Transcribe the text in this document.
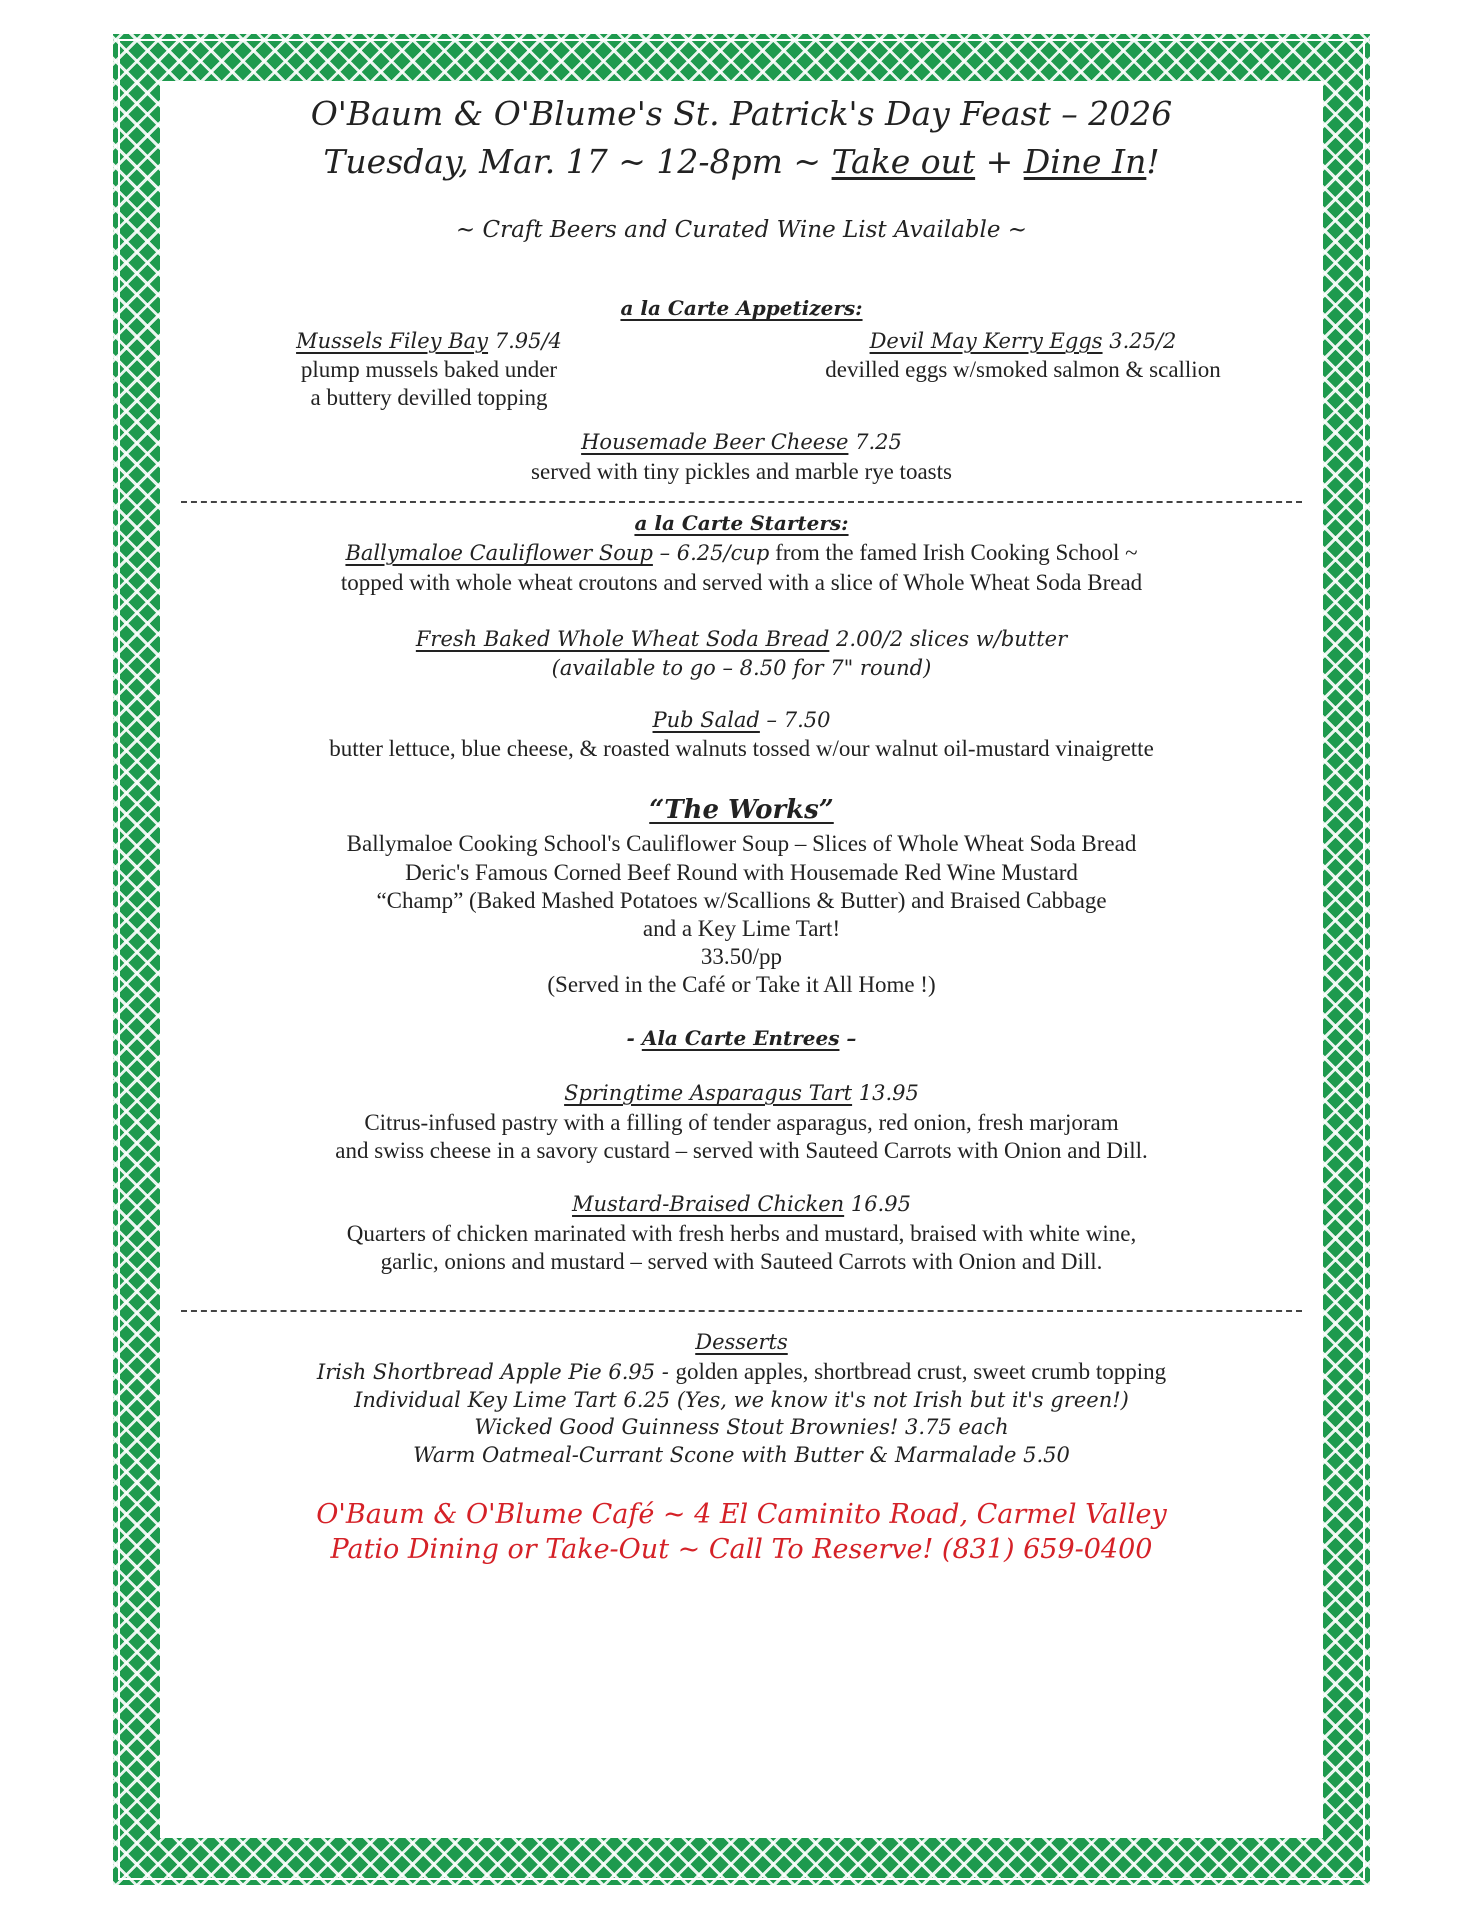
O'Baum & O'Blume's St. Patrick's Day Feast – 2026
Tuesday, Mar. 17 ~ 12-8pm ~ Take out + Dine In!
~ Craft Beers and Curated Wine List Available ~
a la Carte Appetizers:
Mussels Filey Bay 7.95/4
plump mussels baked under
a buttery devilled topping
Devil May Kerry Eggs 3.25/2
devilled eggs w/smoked salmon & scallion
Housemade Beer Cheese 7.25
served with tiny pickles and marble rye toasts
a la Carte Starters:
Ballymaloe Cauliflower Soup – 6.25/cup from the famed Irish Cooking School ~
topped with whole wheat croutons and served with a slice of Whole Wheat Soda Bread
Fresh Baked Whole Wheat Soda Bread 2.00/2 slices w/butter
(available to go – 8.50 for 7" round)
Pub Salad – 7.50
butter lettuce, blue cheese, & roasted walnuts tossed w/our walnut oil-mustard vinaigrette
“The Works”
Ballymaloe Cooking School's Cauliflower Soup – Slices of Whole Wheat Soda Bread
Deric's Famous Corned Beef Round with Housemade Red Wine Mustard
“Champ” (Baked Mashed Potatoes w/Scallions & Butter) and Braised Cabbage
and a Key Lime Tart!
33.50/pp
(Served in the Café or Take it All Home !)
- Ala Carte Entrees –
Springtime Asparagus Tart 13.95
Citrus-infused pastry with a filling of tender asparagus, red onion, fresh marjoram
and swiss cheese in a savory custard – served with Sauteed Carrots with Onion and Dill.
Mustard-Braised Chicken 16.95
Quarters of chicken marinated with fresh herbs and mustard, braised with white wine,
garlic, onions and mustard – served with Sauteed Carrots with Onion and Dill.
Desserts
Irish Shortbread Apple Pie 6.95 - golden apples, shortbread crust, sweet crumb topping
Individual Key Lime Tart 6.25 (Yes, we know it's not Irish but it's green!)
Wicked Good Guinness Stout Brownies! 3.75 each
Warm Oatmeal-Currant Scone with Butter & Marmalade 5.50
O'Baum & O'Blume Café ~ 4 El Caminito Road, Carmel Valley
Patio Dining or Take-Out ~ Call To Reserve! (831) 659-0400
